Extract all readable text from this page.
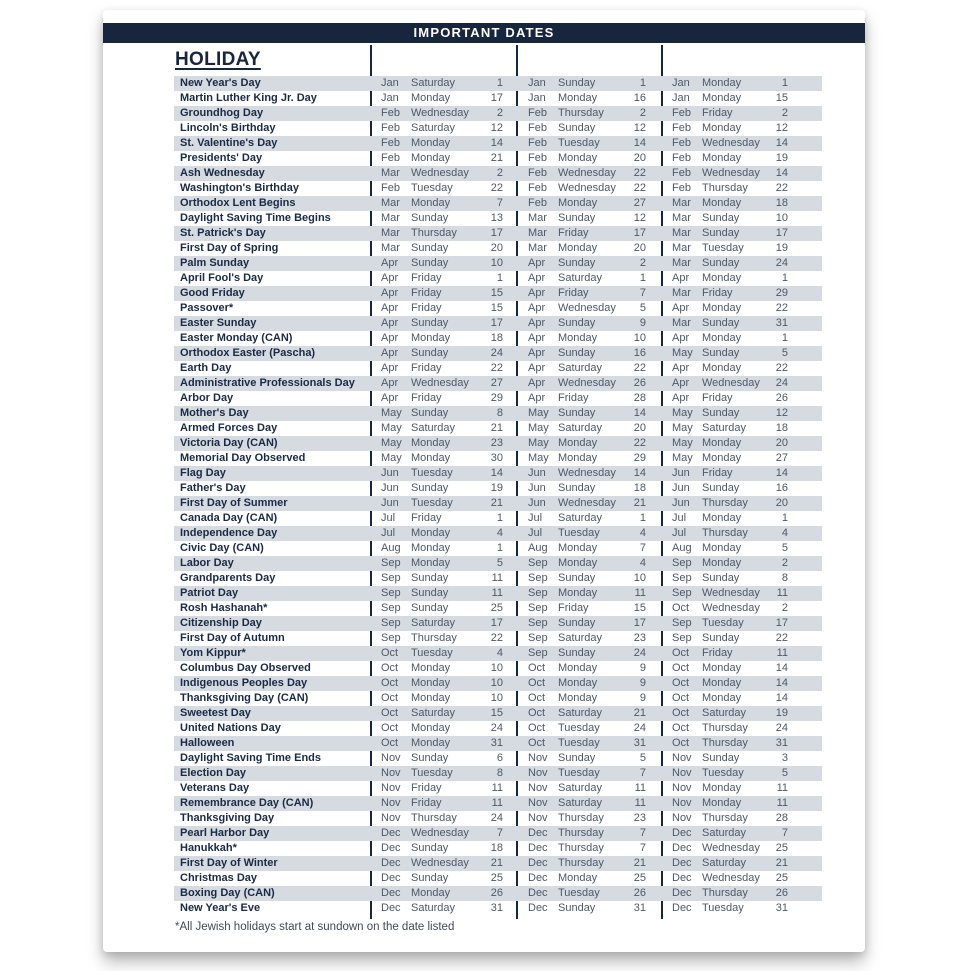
IMPORTANT DATES
HOLIDAY
New Year's Day	Jan	Saturday	1 Jan	Sunday	1 Jan	Monday	1
Martin Luther King Jr. Day	Jan	Monday	17 Jan	Monday	16 Jan	Monday	15
Groundhog Day	Feb	Wednesday	2 Feb	Thursday	2 Feb	Friday	2
Lincoln's Birthday	Feb	Saturday	12 Feb	Sunday	12 Feb	Monday	12
St. Valentine's Day	Feb	Monday	14 Feb	Tuesday	14 Feb	Wednesday	14
Presidents' Day	Feb	Monday	21 Feb	Monday	20 Feb	Monday	19
Ash Wednesday	Mar	Wednesday	2 Feb	Wednesday	22 Feb	Wednesday	14
Washington's Birthday	Feb	Tuesday	22 Feb	Wednesday	22 Feb	Thursday	22
Orthodox Lent Begins	Mar	Monday	7 Feb	Monday	27 Mar	Monday	18
Daylight Saving Time Begins	Mar	Sunday	13 Mar	Sunday	12 Mar	Sunday	10
St. Patrick's Day	Mar	Thursday	17 Mar	Friday	17 Mar	Sunday	17
First Day of Spring	Mar	Sunday	20 Mar	Monday	20 Mar	Tuesday	19
Palm Sunday	Apr	Sunday	10 Apr	Sunday	2 Mar	Sunday	24
April Fool's Day	Apr	Friday	1 Apr	Saturday	1 Apr	Monday	1
Good Friday	Apr	Friday	15 Apr	Friday	7 Mar	Friday	29
Passover*	Apr	Friday	15 Apr	Wednesday	5 Apr	Monday	22
Easter Sunday	Apr	Sunday	17 Apr	Sunday	9 Mar	Sunday	31
Easter Monday (CAN)	Apr	Monday	18 Apr	Monday	10 Apr	Monday	1
Orthodox Easter (Pascha)	Apr	Sunday	24 Apr	Sunday	16 May Sunday	5
Earth Day	Apr	Friday	22 Apr	Saturday	22 Apr	Monday	22
Administrative Professionals Day	Apr	Wednesday	27 Apr	Wednesday	26 Apr	Wednesday	24
Arbor Day	Apr	Friday	29 Apr	Friday	28 Apr	Friday	26
Mother's Day	May Sunday	8 May Sunday	14 May Sunday	12
Armed Forces Day	May Saturday	21 May Saturday	20 May Saturday	18
Victoria Day (CAN)	May Monday	23 May Monday	22 May Monday	20
Memorial Day Observed	May Monday	30 May Monday	29 May Monday	27
Flag Day	Jun	Tuesday	14 Jun	Wednesday	14 Jun	Friday	14
Father's Day	Jun	Sunday	19 Jun	Sunday	18 Jun	Sunday	16
First Day of Summer	Jun	Tuesday	21 Jun	Wednesday	21 Jun	Thursday	20
Canada Day (CAN)	Jul	Friday	1 Jul	Saturday	1 Jul	Monday	1
Independence Day	Jul	Monday	4 Jul	Tuesday	4 Jul	Thursday	4
Civic Day (CAN)	Aug Monday	1 Aug Monday	7 Aug Monday	5
Labor Day	Sep Monday	5 Sep Monday	4 Sep Monday	2
Grandparents Day	Sep Sunday	11 Sep Sunday	10 Sep Sunday	8
Patriot Day	Sep Sunday	11 Sep Monday	11 Sep Wednesday	11
Rosh Hashanah*	Sep Sunday	25 Sep Friday	15 Oct	Wednesday	2
Citizenship Day	Sep Saturday	17 Sep Sunday	17 Sep Tuesday	17
First Day of Autumn	Sep Thursday	22 Sep Saturday	23 Sep Sunday	22
Yom Kippur*	Oct	Tuesday	4 Sep Sunday	24 Oct	Friday	11
Columbus Day Observed	Oct	Monday	10 Oct	Monday	9 Oct	Monday	14
Indigenous Peoples Day	Oct	Monday	10 Oct	Monday	9 Oct	Monday	14
Thanksgiving Day (CAN)	Oct	Monday	10 Oct	Monday	9 Oct	Monday	14
Sweetest Day	Oct	Saturday	15 Oct	Saturday	21 Oct	Saturday	19
United Nations Day	Oct	Monday	24 Oct	Tuesday	24 Oct	Thursday	24
Halloween	Oct	Monday	31 Oct	Tuesday	31 Oct	Thursday	31
Daylight Saving Time Ends	Nov Sunday	6 Nov Sunday	5 Nov Sunday	3
Election Day	Nov Tuesday	8 Nov Tuesday	7 Nov Tuesday	5
Veterans Day	Nov Friday	11 Nov Saturday	11 Nov Monday	11
Remembrance Day (CAN)	Nov Friday	11 Nov Saturday	11 Nov Monday	11
Thanksgiving Day	Nov Thursday	24 Nov Thursday	23 Nov Thursday	28
Pearl Harbor Day	Dec Wednesday	7 Dec Thursday	7 Dec Saturday	7
Hanukkah*	Dec Sunday	18 Dec Thursday	7 Dec Wednesday	25
First Day of Winter	Dec Wednesday	21 Dec Thursday	21 Dec Saturday	21
Christmas Day	Dec Sunday	25 Dec Monday	25 Dec Wednesday	25
Boxing Day (CAN)	Dec Monday	26 Dec Tuesday	26 Dec Thursday	26
New Year's Eve	Dec Saturday	31 Dec Sunday	31 Dec Tuesday	31
*All Jewish holidays start at sundown on the date listed
